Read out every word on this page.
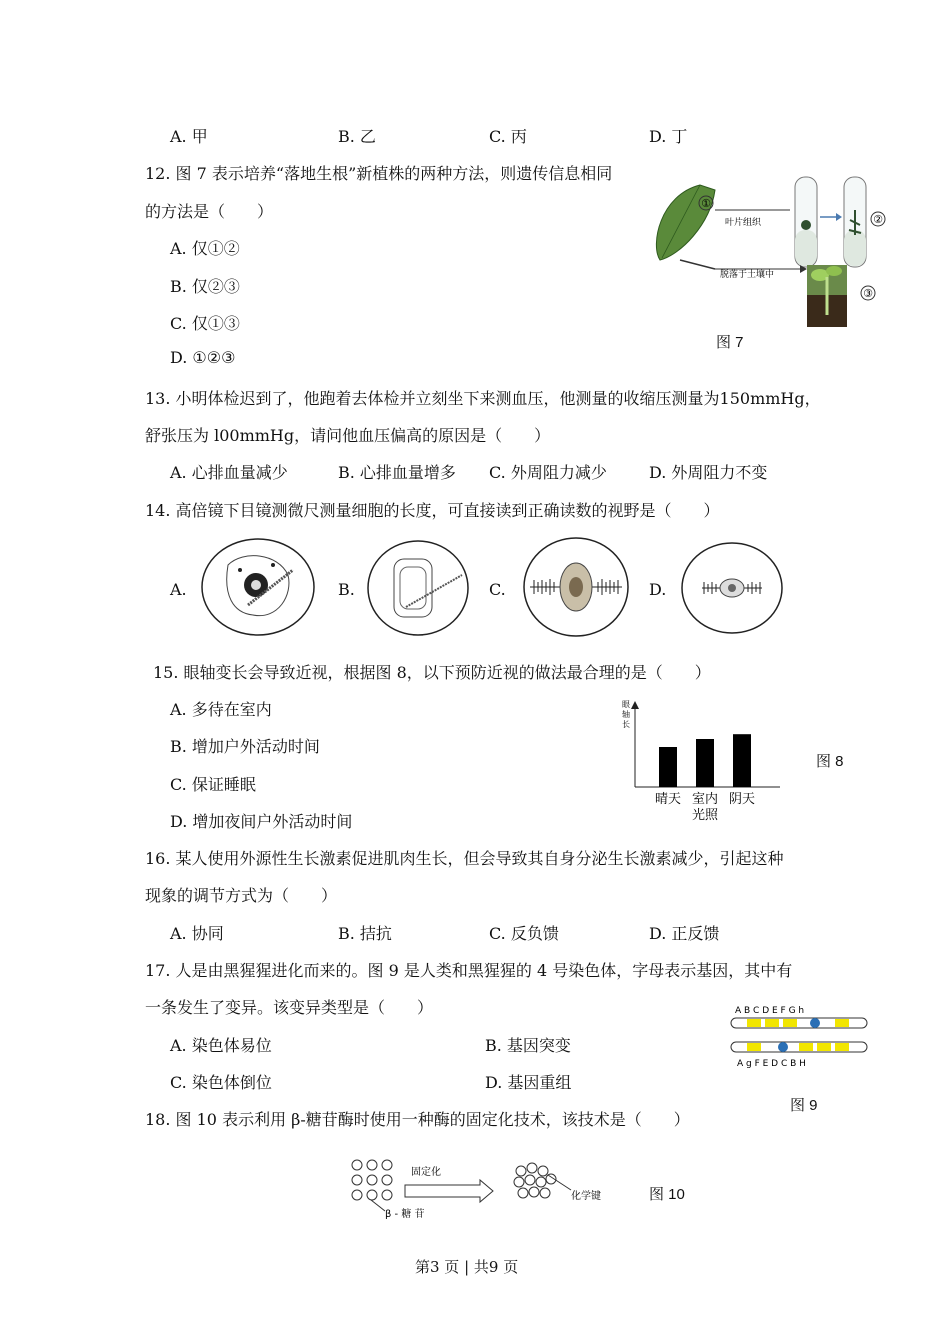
A. 甲	B. 乙	C. 丙	D. 丁
12. 图 7 表示培养“落地生根”新植株的两种方法，则遗传信息相同
的方法是（　　）
A. 仅①②
B. 仅②③
C. 仅①③
D. ①②③
①
叶片组织	②
脱落于土壤中
③
图 7
13. 小明体检迟到了，他跑着去体检并立刻坐下来测血压，他测量的收缩压测量为150mmHg，
舒张压为 l00mmHg，请问他血压偏高的原因是（　　）
A. 心排血量减少	B. 心排血量增多 C. 外周阻力减少	D. 外周阻力不变
14. 高倍镜下目镜测微尺测量细胞的长度，可直接读到正确读数的视野是（　　）
A.	B.	C.	D.
15. 眼轴变长会导致近视，根据图 8，以下预防近视的做法最合理的是（　　）
A. 多待在室内
B. 增加户外活动时间
C. 保证睡眠
D. 增加夜间户外活动时间
眼轴长
晴天 室内
光照
阴天
图 8
16. 某人使用外源性生长激素促进肌肉生长，但会导致其自身分泌生长激素减少，引起这种
现象的调节方式为（　　）
A. 协同	B. 拮抗	C. 反负馈	D. 正反馈
17. 人是由黑猩猩进化而来的。图 9 是人类和黑猩猩的 4 号染色体，字母表示基因，其中有
一条发生了变异。该变异类型是（　　）
A. 染色体易位	B. 基因突变
C. 染色体倒位	D. 基因重组
A B C D E F G h
A g F E D C B H
图 9
18. 图 10 表示利用 β-糖苷酶时使用一种酶的固定化技术，该技术是（　　）
β - 糖 苷
固定化
化学键	图 10
第3 页 | 共9 页
